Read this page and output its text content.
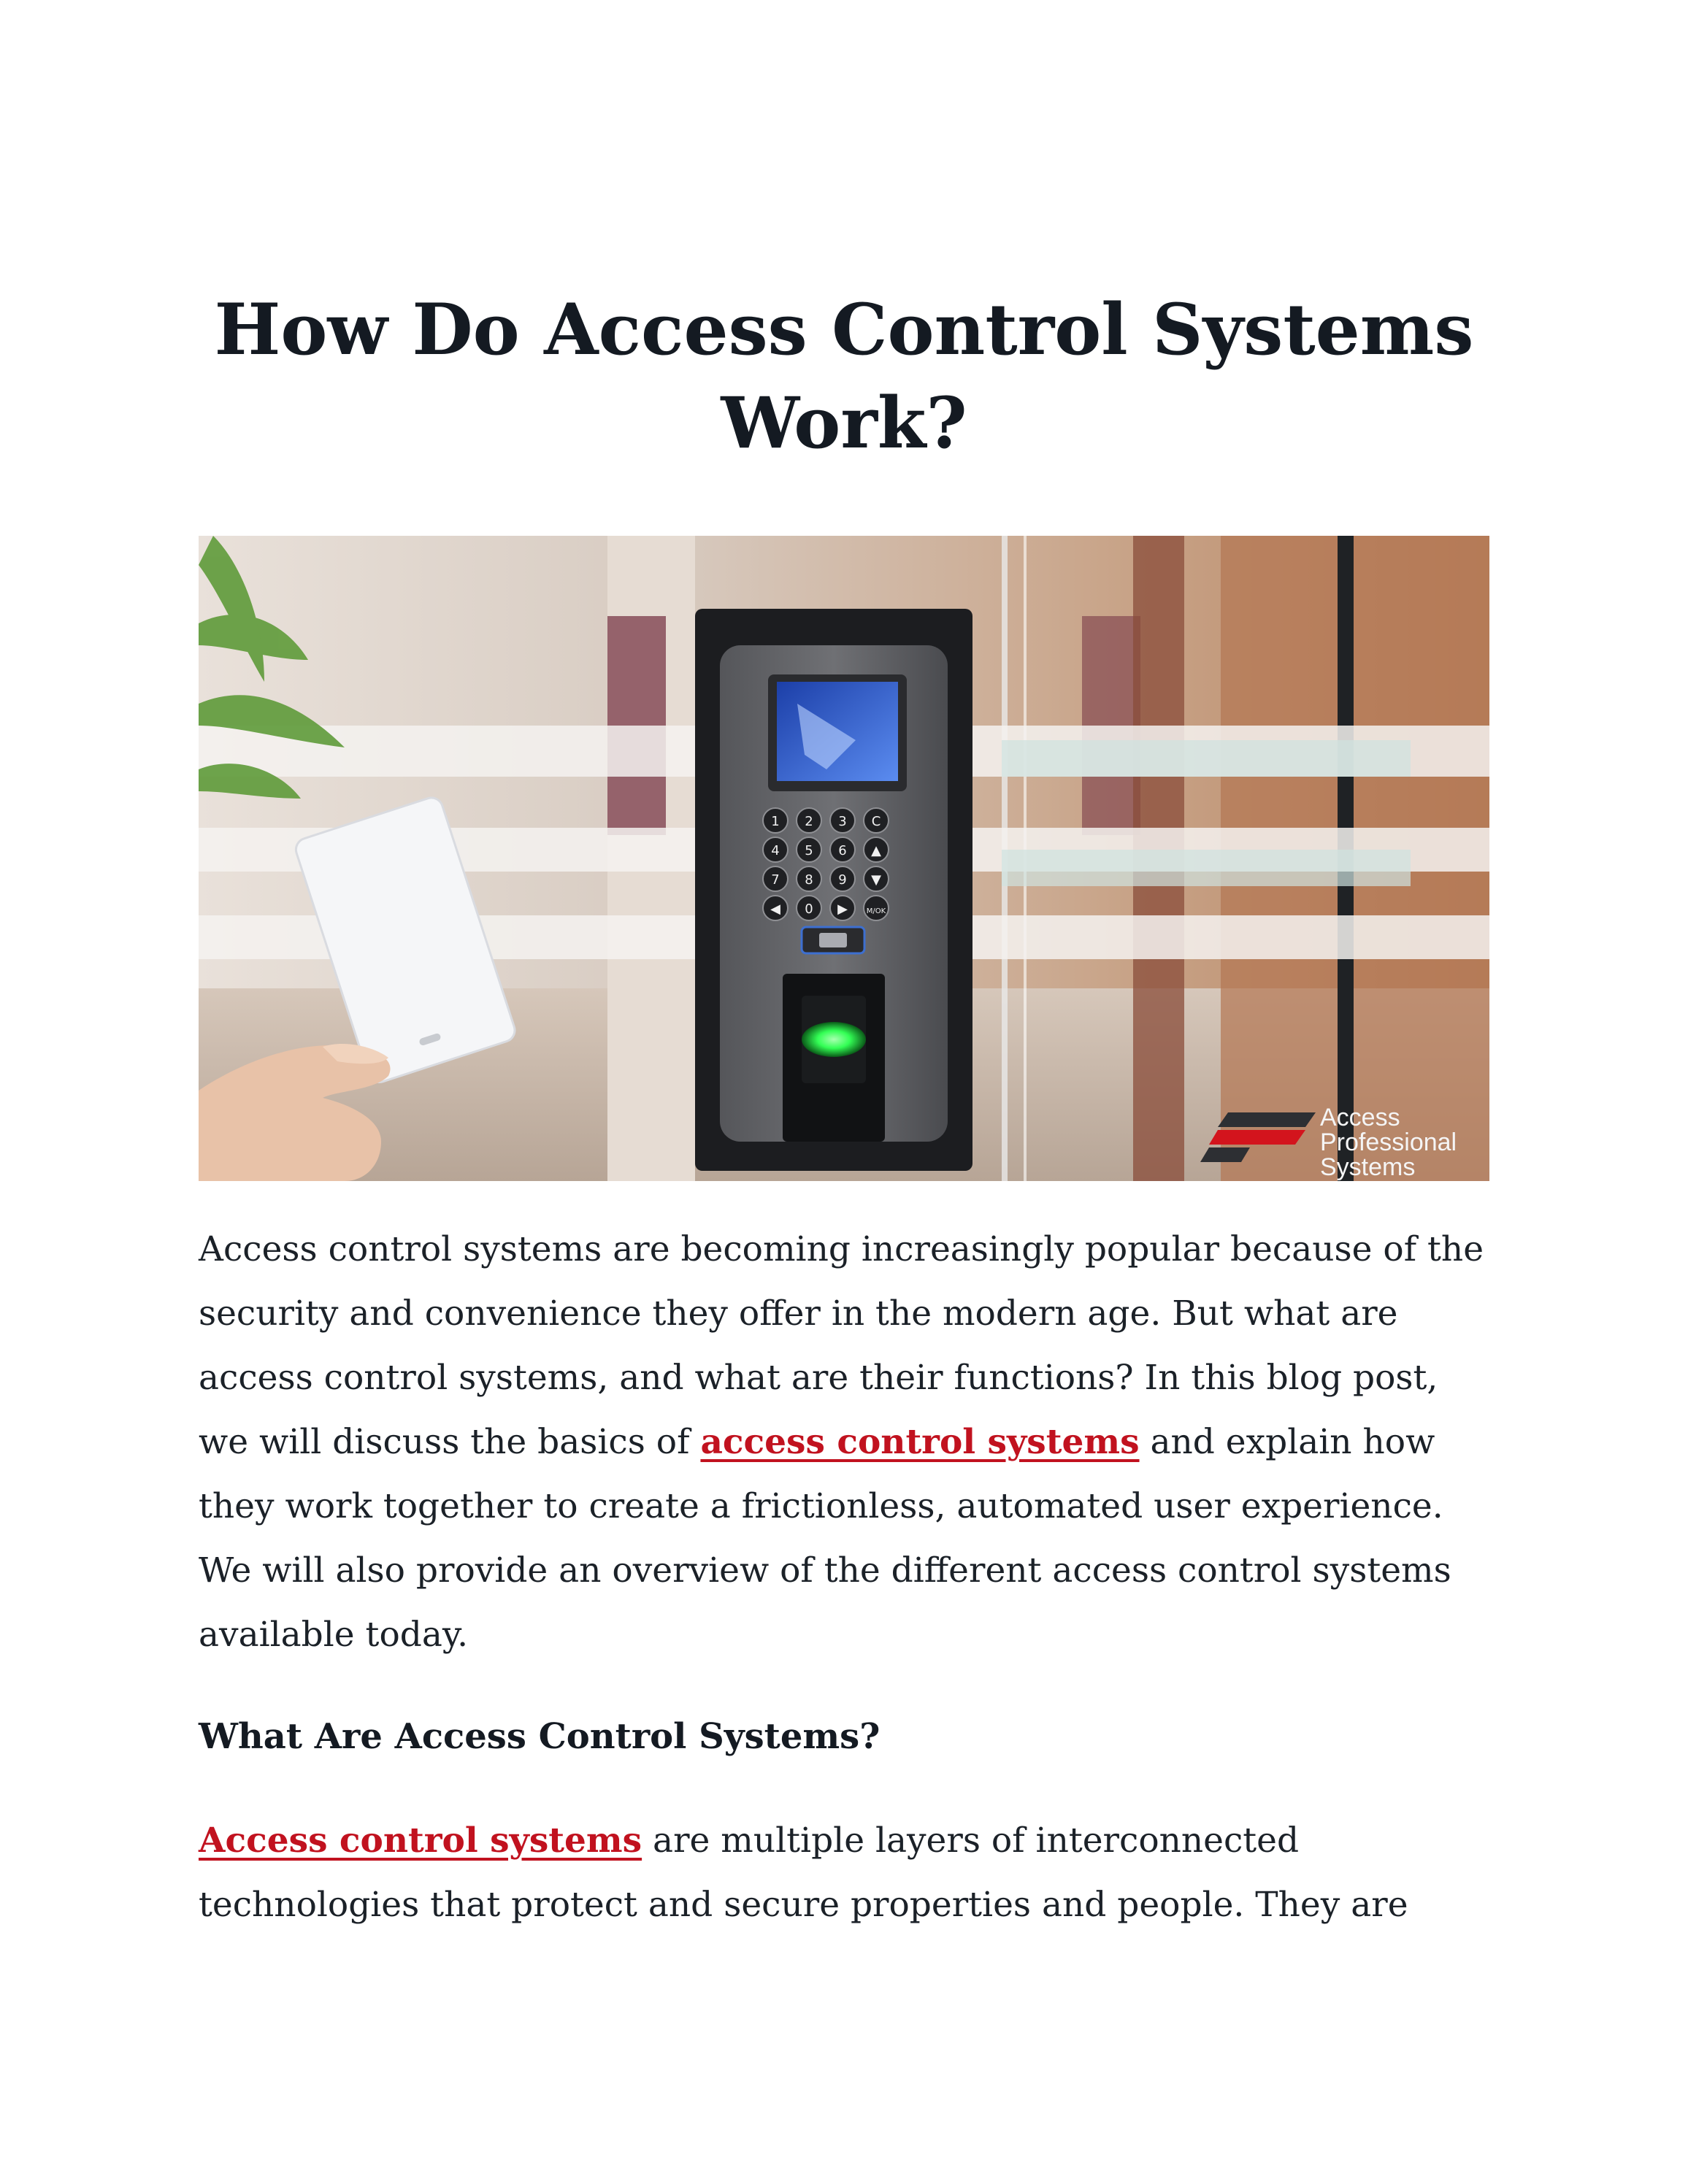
How Do Access Control Systems
Work?
1 2 3 C
4 5 6 ▲
7 8 9 ▼
◀ 0 ▶	M/OK
Access
Professional
Systems

Access control systems are becoming increasingly popular because of the
security and convenience they offer in the modern age. But what are
access control systems, and what are their functions? In this blog post,
we will discuss the basics of access control systems and explain how
they work together to create a frictionless, automated user experience.
We will also provide an overview of the different access control systems
available today.

What Are Access Control Systems?

Access control systems are multiple layers of interconnected
technologies that protect and secure properties and people. They are
